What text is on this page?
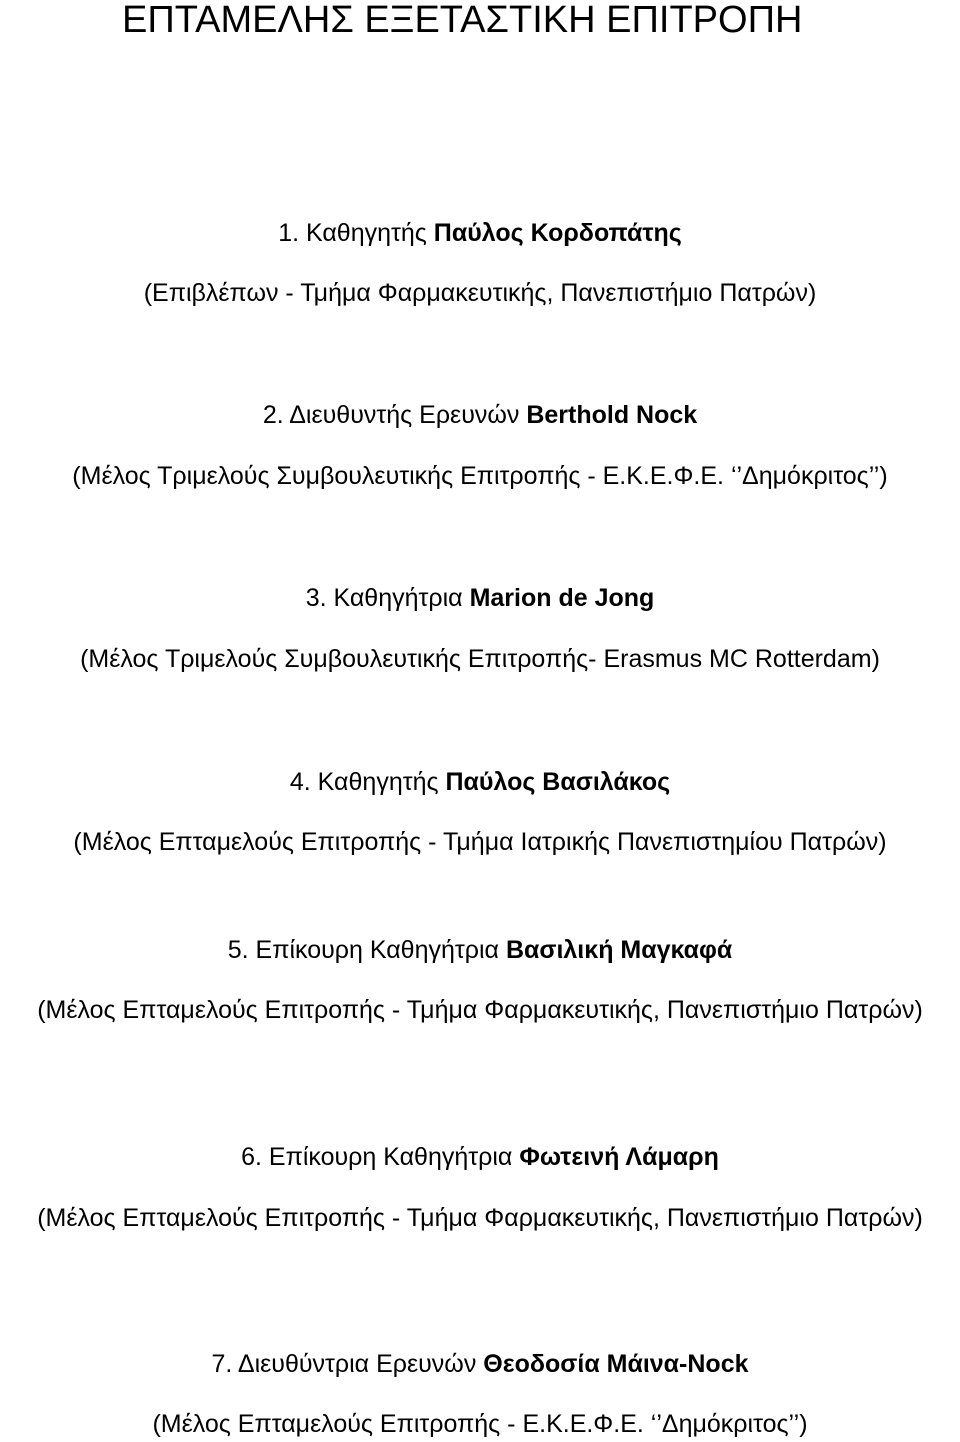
ΕΠΤΑΜΕΛΗΣ ΕΞΕΤΑΣΤΙΚΗ ΕΠΙΤΡΟΠΗ
1. Καθηγητής Παύλος Κορδοπάτης
(Επιβλέπων - Τμήμα Φαρμακευτικής, Πανεπιστήμιο Πατρών)
2. Διευθυντής Ερευνών Berthold Nock
(Μέλος Τριμελούς Συμβουλευτικής Επιτροπής - Ε.Κ.Ε.Φ.Ε. ‘’Δημόκριτος’’)
3. Καθηγήτρια Marion de Jong
(Μέλος Τριμελούς Συμβουλευτικής Επιτροπής- Erasmus MC Rotterdam)
4. Καθηγητής Παύλος Βασιλάκος
(Μέλος Επταμελούς Επιτροπής - Τμήμα Ιατρικής Πανεπιστημίου Πατρών)
5. Επίκουρη Καθηγήτρια Βασιλική Μαγκαφά
(Μέλος Επταμελούς Επιτροπής - Τμήμα Φαρμακευτικής, Πανεπιστήμιο Πατρών)
6. Επίκουρη Καθηγήτρια Φωτεινή Λάμαρη
(Μέλος Επταμελούς Επιτροπής - Τμήμα Φαρμακευτικής, Πανεπιστήμιο Πατρών)
7. Διευθύντρια Ερευνών Θεοδοσία Μάινα-Nock
(Μέλος Επταμελούς Επιτροπής - Ε.Κ.Ε.Φ.Ε. ‘’Δημόκριτος’’)
